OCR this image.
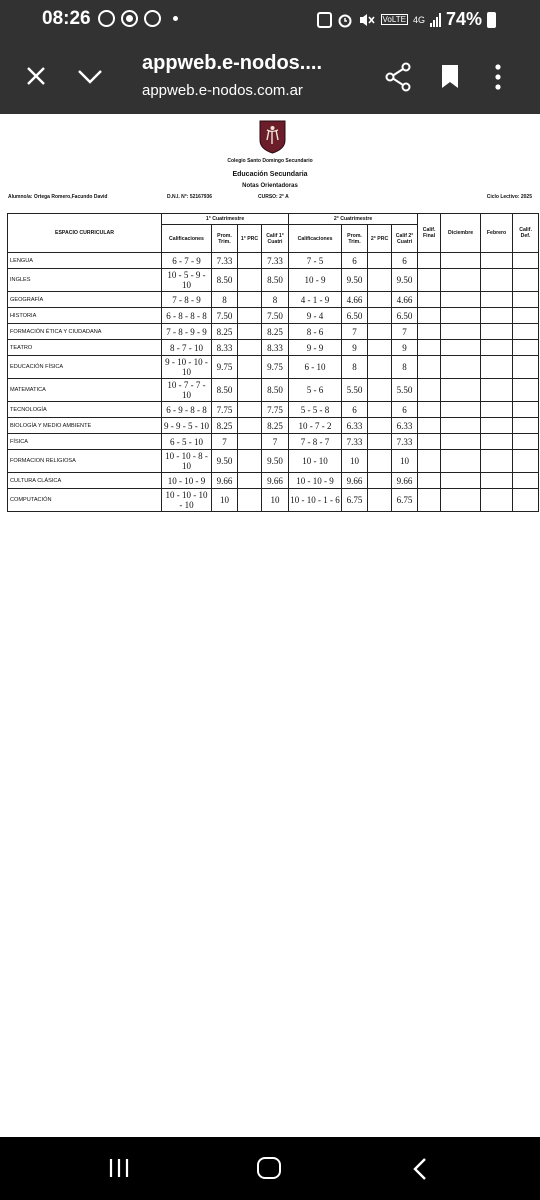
08:26	VoLTE 4G 74%
appweb.e-nodos....
appweb.e-nodos.com.ar
Colegio Santo Domingo Secundario
Educación Secundaria
Notas Orientadoras
Alumno/a: Ortega Romero,Facundo David	D.N.I. N°: 52167936	CURSO: 2° A	Ciclo Lectivo: 2025
ESPACIO CURRICULAR	1° Cuatrimestre				2° Cuatrimestre				Calif. Final	Diciembre	Febrero	Calif. Def.
	Calificaciones	Prom. Trim.	1° PRC	Calif 1° Cuatri	Calificaciones	Prom. Trim.	2° PRC	Calif 2° Cuatri				
LENGUA	6 - 7 - 9	7.33		7.33	7 - 5	6		6				
INGLES	10 - 5 - 9 - 10	8.50		8.50	10 - 9	9.50		9.50				
GEOGRAFÍA	7 - 8 - 9	8		8	4 - 1 - 9	4.66		4.66				
HISTORIA	6 - 8 - 8 - 8	7.50		7.50	9 - 4	6.50		6.50				
FORMACIÓN ÉTICA Y CIUDADANA	7 - 8 - 9 - 9	8.25		8.25	8 - 6	7		7				
TEATRO	8 - 7 - 10	8.33		8.33	9 - 9	9		9				
EDUCACIÓN FÍSICA	9 - 10 - 10 - 10	9.75		9.75	6 - 10	8		8				
MATEMATICA	10 - 7 - 7 - 10	8.50		8.50	5 - 6	5.50		5.50				
TECNOLOGÍA	6 - 9 - 8 - 8	7.75		7.75	5 - 5 - 8	6		6				
BIOLOGÍA Y MEDIO AMBIENTE	9 - 9 - 5 - 10	8.25		8.25	10 - 7 - 2	6.33		6.33				
FÍSICA	6 - 5 - 10	7		7	7 - 8 - 7	7.33		7.33				
FORMACION RELIGIOSA	10 - 10 - 8 - 10	9.50		9.50	10 - 10	10		10				
CULTURA CLÁSICA	10 - 10 - 9	9.66		9.66	10 - 10 - 9	9.66		9.66				
COMPUTACIÓN	10 - 10 - 10 - 10	10		10	10 - 10 - 1 - 6	6.75		6.75				
